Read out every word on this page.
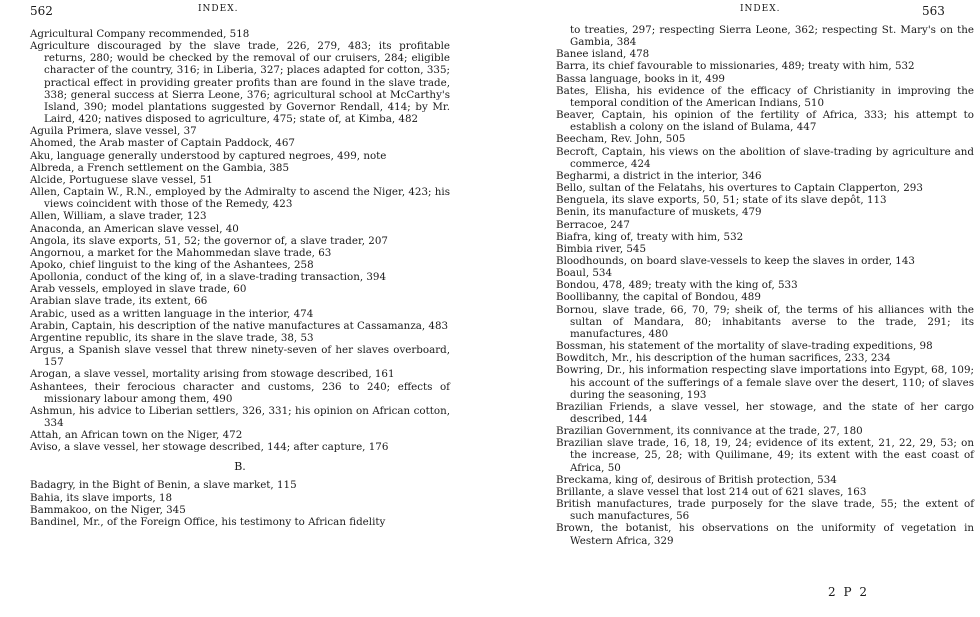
562	INDEX.
Agricultural Company recommended, 518
Agriculture discouraged by the slave trade, 226, 279, 483; its profitable returns, 280; would be checked by the removal of our cruisers, 284; eligible character of the country, 316; in Liberia, 327; places adapted for cotton, 335; practical effect in providing greater profits than are found in the slave trade, 338; general success at Sierra Leone, 376; agricultural school at McCarthy's Island, 390; model plantations suggested by Governor Rendall, 414; by Mr. Laird, 420; natives disposed to agriculture, 475; state of, at Kimba, 482
Aguila Primera, slave vessel, 37
Ahomed, the Arab master of Captain Paddock, 467
Aku, language generally understood by captured negroes, 499, note
Albreda, a French settlement on the Gambia, 385
Alcide, Portuguese slave vessel, 51
Allen, Captain W., R.N., employed by the Admiralty to ascend the Niger, 423; his views coincident with those of the Remedy, 423
Allen, William, a slave trader, 123
Anaconda, an American slave vessel, 40
Angola, its slave exports, 51, 52; the governor of, a slave trader, 207
Angornou, a market for the Mahommedan slave trade, 63
Apoko, chief linguist to the king of the Ashantees, 258
Apollonia, conduct of the king of, in a slave-trading transaction, 394
Arab vessels, employed in slave trade, 60
Arabian slave trade, its extent, 66
Arabic, used as a written language in the interior, 474
Arabin, Captain, his description of the native manufactures at Cassamanza, 483
Argentine republic, its share in the slave trade, 38, 53
Argus, a Spanish slave vessel that threw ninety-seven of her slaves overboard, 157
Arogan, a slave vessel, mortality arising from stowage described, 161
Ashantees, their ferocious character and customs, 236 to 240; effects of missionary labour among them, 490
Ashmun, his advice to Liberian settlers, 326, 331; his opinion on African cotton, 334
Attah, an African town on the Niger, 472
Aviso, a slave vessel, her stowage described, 144; after capture, 176
B.
Badagry, in the Bight of Benin, a slave market, 115
Bahia, its slave imports, 18
Bammakoo, on the Niger, 345
Bandinel, Mr., of the Foreign Office, his testimony to African fidelity
INDEX.	563
to treaties, 297; respecting Sierra Leone, 362; respecting St. Mary's on the Gambia, 384
Banee island, 478
Barra, its chief favourable to missionaries, 489; treaty with him, 532
Bassa language, books in it, 499
Bates, Elisha, his evidence of the efficacy of Christianity in improving the temporal condition of the American Indians, 510
Beaver, Captain, his opinion of the fertility of Africa, 333; his attempt to establish a colony on the island of Bulama, 447
Beecham, Rev. John, 505
Becroft, Captain, his views on the abolition of slave-trading by agriculture and commerce, 424
Begharmi, a district in the interior, 346
Bello, sultan of the Felatahs, his overtures to Captain Clapperton, 293
Benguela, its slave exports, 50, 51; state of its slave depôt, 113
Benin, its manufacture of muskets, 479
Berracoe, 247
Biafra, king of, treaty with him, 532
Bimbia river, 545
Bloodhounds, on board slave-vessels to keep the slaves in order, 143
Boaul, 534
Bondou, 478, 489; treaty with the king of, 533
Boollibanny, the capital of Bondou, 489
Bornou, slave trade, 66, 70, 79; sheik of, the terms of his alliances with the sultan of Mandara, 80; inhabitants averse to the trade, 291; its manufactures, 480
Bossman, his statement of the mortality of slave-trading expeditions, 98
Bowditch, Mr., his description of the human sacrifices, 233, 234
Bowring, Dr., his information respecting slave importations into Egypt, 68, 109; his account of the sufferings of a female slave over the desert, 110; of slaves during the seasoning, 193
Brazilian Friends, a slave vessel, her stowage, and the state of her cargo described, 144
Brazilian Government, its connivance at the trade, 27, 180
Brazilian slave trade, 16, 18, 19, 24; evidence of its extent, 21, 22, 29, 53; on the increase, 25, 28; with Quilimane, 49; its extent with the east coast of Africa, 50
Breckama, king of, desirous of British protection, 534
Brillante, a slave vessel that lost 214 out of 621 slaves, 163
British manufactures, trade purposely for the slave trade, 55; the extent of such manufactures, 56
Brown, the botanist, his observations on the uniformity of vegetation in Western Africa, 329
2 P 2
